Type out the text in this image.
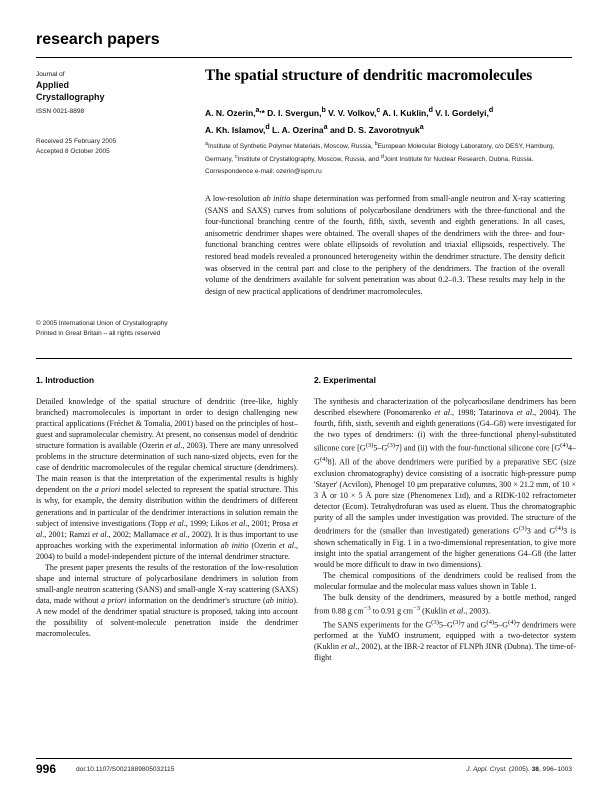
research papers
Journal of
Applied
Crystallography
ISSN 0021-8898
Received 25 February 2005
Accepted 8 October 2005
© 2005 International Union of Crystallography
Printed in Great Britain – all rights reserved
The spatial structure of dendritic macromolecules
A. N. Ozerin,$^{a,}$* D. I. Svergun,$^b$ V. V. Volkov,$^c$ A. I. Kuklin,$^d$ V. I. Gordelyi,$^d$
A. Kh. Islamov,$^d$ L. A. Ozerina$^a$ and D. S. Zavorotnyuk$^a$
$^a$Institute of Synthetic Polymer Materials, Moscow, Russia, $^b$European Molecular Biology Laboratory, c/o DESY, Hamburg, Germany, $^c$Institute of Crystallography, Moscow, Russia, and $^d$Joint Institute for Nuclear Research, Dubna, Russia. Correspondence e-mail: ozerin@ispm.ru
A low-resolution ab initio shape determination was performed from small-angle neutron and X-ray scattering (SANS and SAXS) curves from solutions of polycarbosilane dendrimers with the three-functional and the four-functional branching centre of the fourth, fifth, sixth, seventh and eighth generations. In all cases, anisometric dendrimer shapes were obtained. The overall shapes of the dendrimers with the three- and four-functional branching centres were oblate ellipsoids of revolution and triaxial ellipsoids, respectively. The restored bead models revealed a pronounced heterogeneity within the dendrimer structure. The density deficit was observed in the central part and close to the periphery of the dendrimers. The fraction of the overall volume of the dendrimers available for solvent penetration was about 0.2–0.3. These results may help in the design of new practical applications of dendrimer macromolecules.
1. Introduction

Detailed knowledge of the spatial structure of dendritic (tree-like, highly branched) macromolecules is important in order to design challenging new practical applications (Fréchet & Tomalia, 2001) based on the principles of host–guest and supramolecular chemistry. At present, no consensus model of dendritic structure formation is available (Ozerin et al., 2003). There are many unresolved problems in the structure determination of such nano-sized objects, even for the case of dendritic macromolecules of the regular chemical structure (dendrimers). The main reason is that the interpretation of the experimental results is highly dependent on the a priori model selected to represent the spatial structure. This is why, for example, the density distribution within the dendrimers of different generations and in particular of the dendrimer interactions in solution remain the subject of intensive investigations (Topp et al., 1999; Likos et al., 2001; Prosa et al., 2001; Ramzi et al., 2002; Mallamace et al., 2002). It is thus important to use approaches working with the experimental information ab initio (Ozerin et al., 2004) to build a model-independent picture of the internal dendrimer structure.

The present paper presents the results of the restoration of the low-resolution shape and internal structure of polycarbosilane dendrimers in solution from small-angle neutron scattering (SANS) and small-angle X-ray scattering (SAXS) data, made without a priori information on the dendrimer's structure (ab initio). A new model of the dendrimer spatial structure is proposed, taking into account the possibility of solvent-molecule penetration inside the dendrimer macromolecules.

2. Experimental

The synthesis and characterization of the polycarbosilane dendrimers has been described elsewhere (Ponomarenko et al., 1998; Tatarinova et al., 2004). The fourth, fifth, sixth, seventh and eighth generations (G4–G8) were investigated for the two types of dendrimers: (i) with the three-functional phenyl-substituted silicone core $[G^{(3)}5-G^{(3)}7]$ and (ii) with the four-functional silicone core $[G^{(4)}4-G^{(4)}8]$. All of the above dendrimers were purified by a preparative SEC (size exclusion chromatography) device consisting of a isocratic high-pressure pump 'Stayer' (Acvilon), Phenogel 10 μm preparative columns, 300 × 21.2 mm, of 10 × 3 Å or 10 × 5 Å pore size (Phenomenex Ltd), and a RIDK-102 refractometer detector (Ecom). Tetrahydrofuran was used as eluent. Thus the chromatographic purity of all the samples under investigation was provided. The structure of the dendrimers for the (smaller than investigated) generations $G^{(3)}3$ and $G^{(4)}3$ is shown schematically in Fig. 1 in a two-dimensional representation, to give more insight into the spatial arrangement of the higher generations G4–G8 (the latter would be more difficult to draw in two dimensions).

The chemical compositions of the dendrimers could be realised from the molecular formulae and the molecular mass values shown in Table 1.

The bulk density of the dendrimers, measured by a bottle method, ranged from 0.88 g $cm^{-3}$ to 0.91 g $cm^{-3}$ (Kuklin et al., 2003).

The SANS experiments for the $G^{(3)}5-G^{(3)}7$ and $G^{(4)}5-G^{(4)}7$ dendrimers were performed at the YuMO instrument, equipped with a two-detector system (Kuklin et al., 2002), at the IBR-2 reactor of FLNPh JINR (Dubna). The time-of-flight

996	doi:10.1107/S0021889805032115	J. Appl. Cryst. (2005). 38, 996–1003
